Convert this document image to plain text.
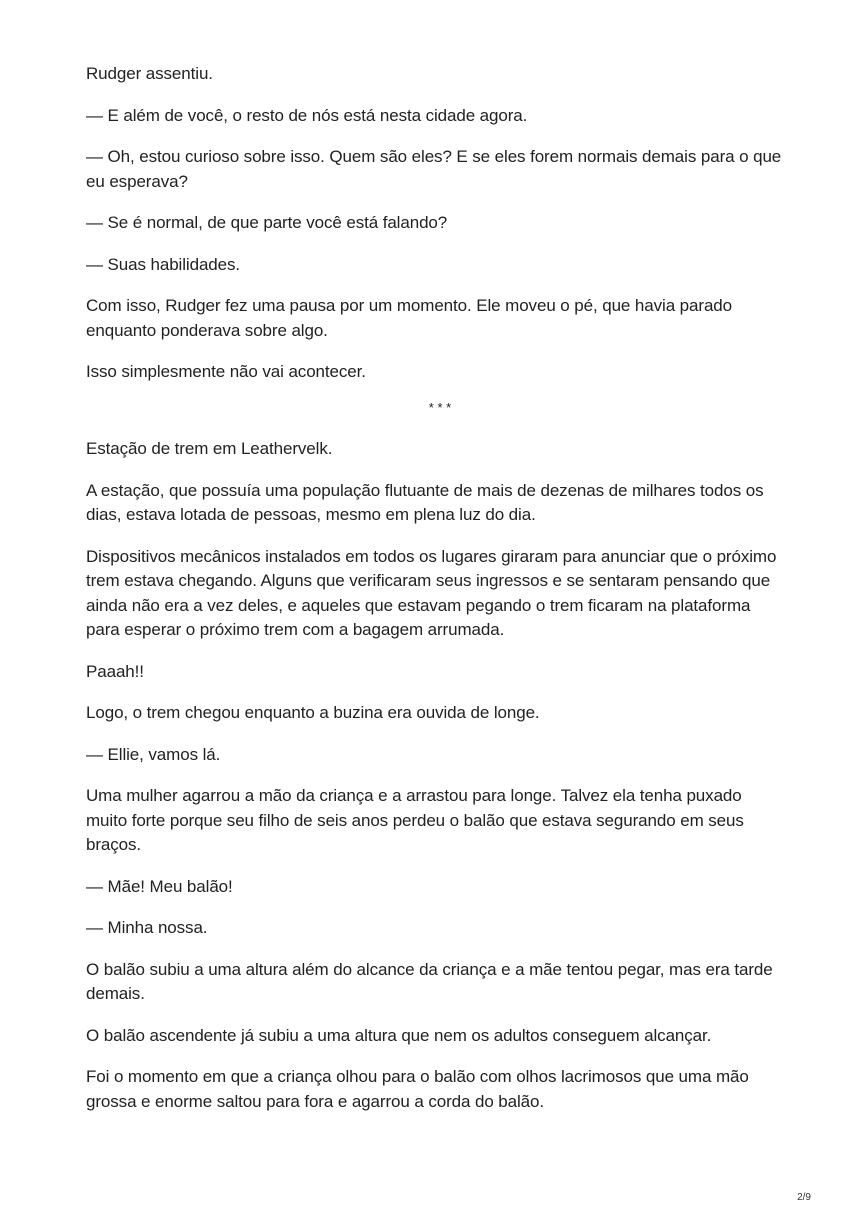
Rudger assentiu.

— E além de você, o resto de nós está nesta cidade agora.

— Oh, estou curioso sobre isso. Quem são eles? E se eles forem normais demais para o que eu esperava?

— Se é normal, de que parte você está falando?

— Suas habilidades.

Com isso, Rudger fez uma pausa por um momento. Ele moveu o pé, que havia parado enquanto ponderava sobre algo.

Isso simplesmente não vai acontecer.

* * *

Estação de trem em Leathervelk.

A estação, que possuía uma população flutuante de mais de dezenas de milhares todos os dias, estava lotada de pessoas, mesmo em plena luz do dia.

Dispositivos mecânicos instalados em todos os lugares giraram para anunciar que o próximo trem estava chegando. Alguns que verificaram seus ingressos e se sentaram pensando que ainda não era a vez deles, e aqueles que estavam pegando o trem ficaram na plataforma para esperar o próximo trem com a bagagem arrumada.

Paaah!!

Logo, o trem chegou enquanto a buzina era ouvida de longe.

— Ellie, vamos lá.

Uma mulher agarrou a mão da criança e a arrastou para longe. Talvez ela tenha puxado muito forte porque seu filho de seis anos perdeu o balão que estava segurando em seus braços.

— Mãe! Meu balão!

— Minha nossa.

O balão subiu a uma altura além do alcance da criança e a mãe tentou pegar, mas era tarde demais.

O balão ascendente já subiu a uma altura que nem os adultos conseguem alcançar.

Foi o momento em que a criança olhou para o balão com olhos lacrimosos que uma mão grossa e enorme saltou para fora e agarrou a corda do balão.

2/9
